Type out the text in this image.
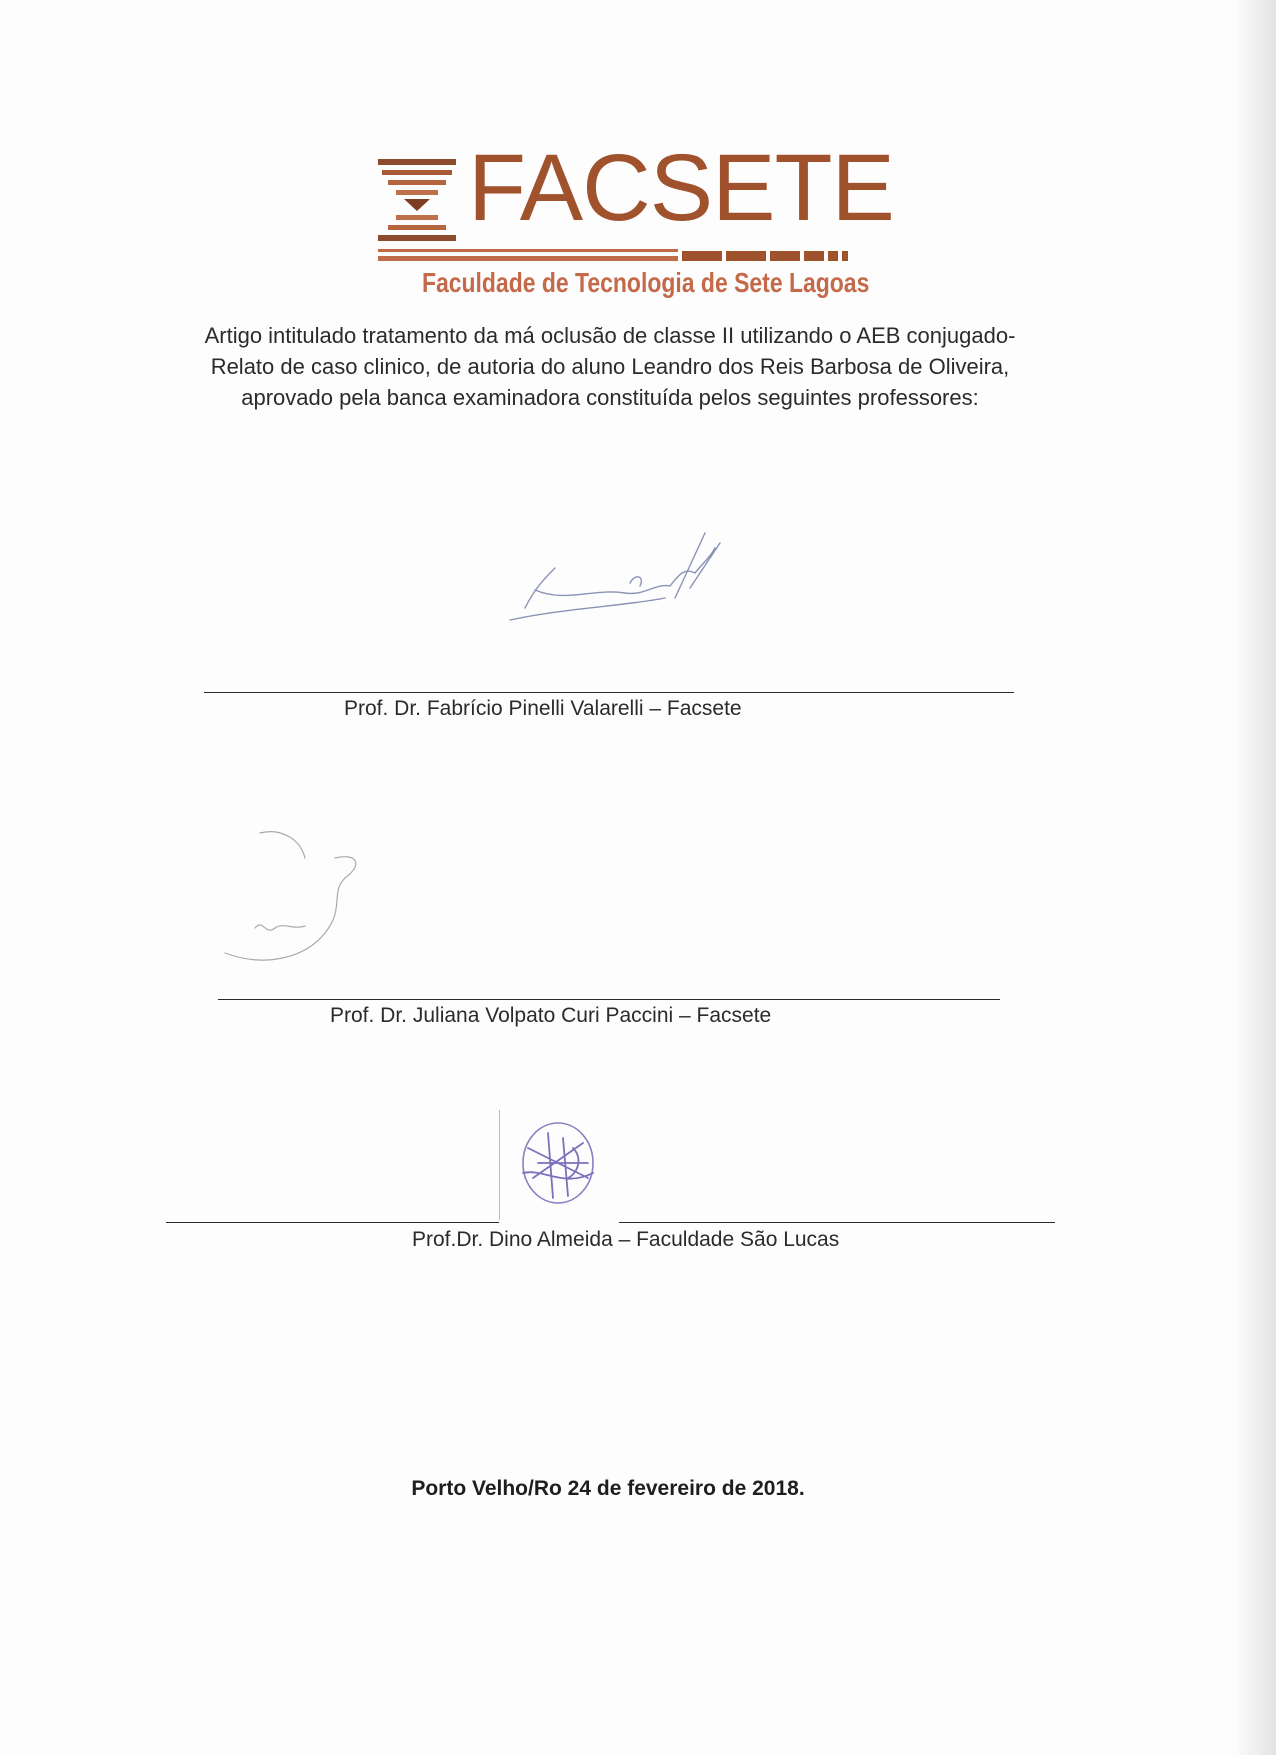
FACSETE
Faculdade de Tecnologia de Sete Lagoas
Artigo intitulado tratamento da má oclusão de classe II utilizando o AEB conjugado-
Relato de caso clinico, de autoria do aluno Leandro dos Reis Barbosa de Oliveira,
aprovado pela banca examinadora constituída pelos seguintes professores:
Prof. Dr. Fabrício Pinelli Valarelli – Facsete
Prof. Dr. Juliana Volpato Curi Paccini – Facsete
Prof.Dr. Dino Almeida – Faculdade São Lucas
Porto Velho/Ro 24 de fevereiro de 2018.
